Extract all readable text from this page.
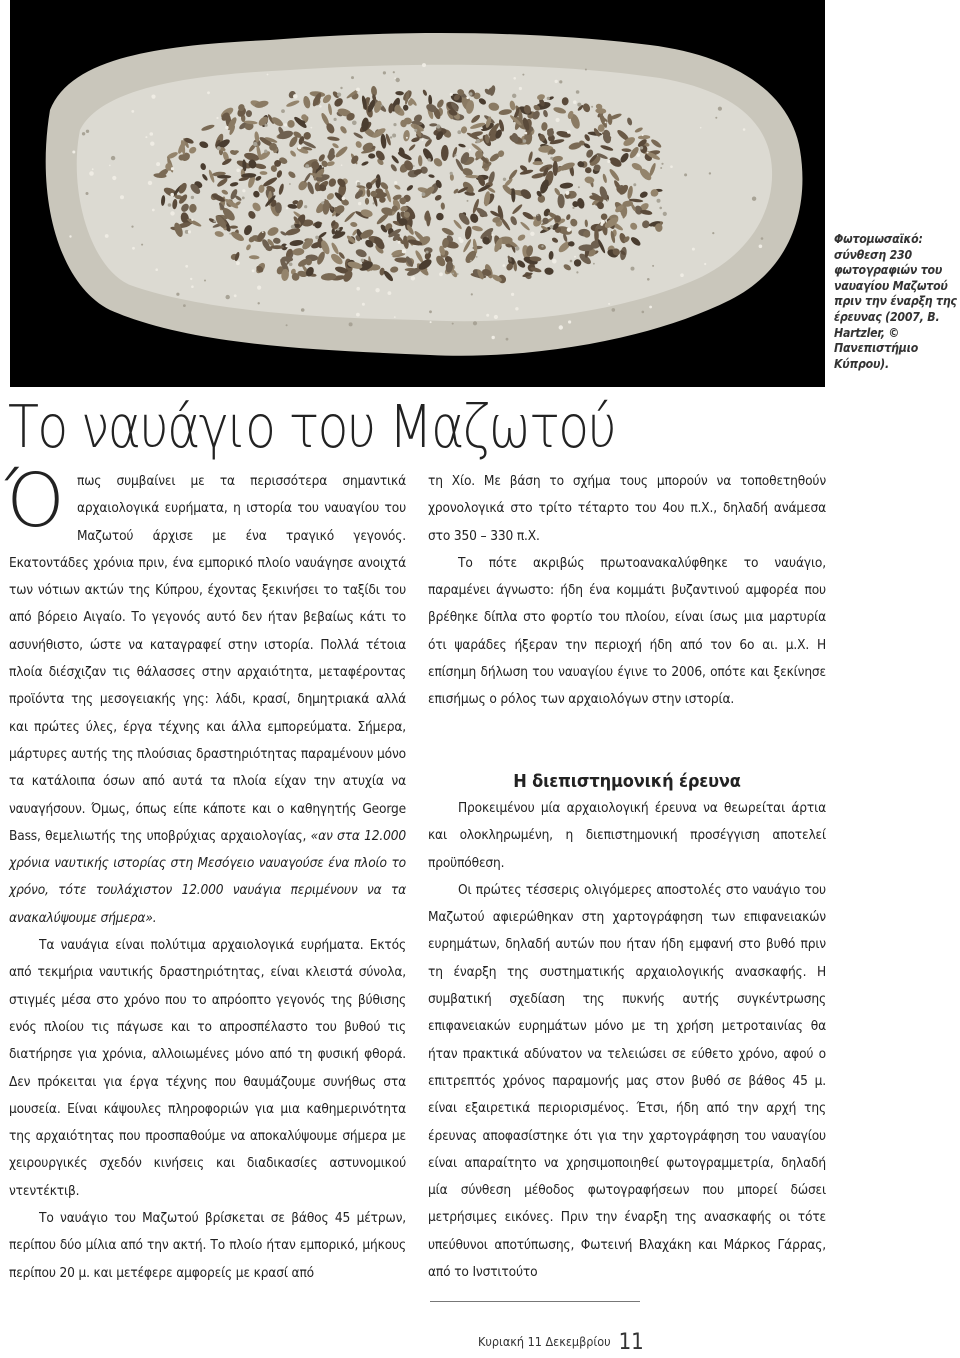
Φωτομωσαϊκό: σύνθεση 230 φωτογραφιών του ναυαγίου Μαζωτού πριν την έναρξη της έρευνας (2007, Β. Hartzler, © Πανεπιστήμιο Κύπρου).
Το ναυάγιο του Μαζωτού

Όπως συμβαίνει με τα περισσότερα σημαντικά αρχαιολογικά ευρήματα, η ιστορία του ναυαγίου του Μαζωτού άρχισε με ένα τραγικό γεγονός. Εκατοντάδες χρόνια πριν, ένα εμπορικό πλοίο ναυάγησε ανοιχτά των νότιων ακτών της Κύπρου, έχοντας ξεκινήσει το ταξίδι του από βόρειο Αιγαίο. Το γεγονός αυτό δεν ήταν βεβαίως κάτι το ασυνήθιστο, ώστε να καταγραφεί στην ιστορία. Πολλά τέτοια πλοία διέσχιζαν τις θάλασσες στην αρχαιότητα, μεταφέροντας προϊόντα της μεσογειακής γης: λάδι, κρασί, δημητριακά αλλά και πρώτες ύλες, έργα τέχνης και άλλα εμπορεύματα. Σήμερα, μάρτυρες αυτής της πλούσιας δραστηριότητας παραμένουν μόνο τα κατάλοιπα όσων από αυτά τα πλοία είχαν την ατυχία να ναυαγήσουν. Όμως, όπως είπε κάποτε και ο καθηγητής George Bass, θεμελιωτής της υποβρύχιας αρχαιολογίας, «αν στα 12.000 χρόνια ναυτικής ιστορίας στη Μεσόγειο ναυαγούσε ένα πλοίο το χρόνο, τότε τουλάχιστον 12.000 ναυάγια περιμένουν να τα ανακαλύψουμε σήμερα».

Τα ναυάγια είναι πολύτιμα αρχαιολογικά ευρήματα. Εκτός από τεκμήρια ναυτικής δραστηριότητας, είναι κλειστά σύνολα, στιγμές μέσα στο χρόνο που το απρόοπτο γεγονός της βύθισης ενός πλοίου τις πάγωσε και το απροσπέλαστο του βυθού τις διατήρησε για χρόνια, αλλοιωμένες μόνο από τη φυσική φθορά. Δεν πρόκειται για έργα τέχνης που θαυμάζουμε συνήθως στα μουσεία. Είναι κάψουλες πληροφοριών για μια καθημερινότητα της αρχαιότητας που προσπαθούμε να αποκαλύψουμε σήμερα με χειρουργικές σχεδόν κινήσεις και διαδικασίες αστυνομικού ντεντέκτιβ.

Το ναυάγιο του Μαζωτού βρίσκεται σε βάθος 45 μέτρων, περίπου δύο μίλια από την ακτή. Το πλοίο ήταν εμπορικό, μήκους περίπου 20 μ. και μετέφερε αμφορείς με κρασί από

τη Χίο. Με βάση το σχήμα τους μπορούν να τοποθετηθούν χρονολογικά στο τρίτο τέταρτο του 4ου π.Χ., δηλαδή ανάμεσα στο 350 – 330 π.Χ.

Το πότε ακριβώς πρωτοανακαλύφθηκε το ναυάγιο, παραμένει άγνωστο: ήδη ένα κομμάτι βυζαντινού αμφορέα που βρέθηκε δίπλα στο φορτίο του πλοίου, είναι ίσως μια μαρτυρία ότι ψαράδες ήξεραν την περιοχή ήδη από τον 6ο αι. μ.Χ. Η επίσημη δήλωση του ναυαγίου έγινε το 2006, οπότε και ξεκίνησε επισήμως ο ρόλος των αρχαιολόγων στην ιστορία.

Η διεπιστημονική έρευνα

Προκειμένου μία αρχαιολογική έρευνα να θεωρείται άρτια και ολοκληρωμένη, η διεπιστημονική προσέγγιση αποτελεί προϋπόθεση.

Οι πρώτες τέσσερις ολιγόμερες αποστολές στο ναυάγιο του Μαζωτού αφιερώθηκαν στη χαρτογράφηση των επιφανειακών ευρημάτων, δηλαδή αυτών που ήταν ήδη εμφανή στο βυθό πριν τη έναρξη της συστηματικής αρχαιολογικής ανασκαφής. Η συμβατική σχεδίαση της πυκνής αυτής συγκέντρωσης επιφανειακών ευρημάτων μόνο με τη χρήση μετροταινίας θα ήταν πρακτικά αδύνατον να τελειώσει σε εύθετο χρόνο, αφού ο επιτρεπτός χρόνος παραμονής μας στον βυθό σε βάθος 45 μ. είναι εξαιρετικά περιορισμένος. Έτσι, ήδη από την αρχή της έρευνας αποφασίστηκε ότι για την χαρτογράφηση του ναυαγίου είναι απαραίτητο να χρησιμοποιηθεί φωτογραμμετρία, δηλαδή μία σύνθεση μέθοδος φωτογραφήσεων που μπορεί δώσει μετρήσιμες εικόνες. Πριν την έναρξη της ανασκαφής οι τότε υπεύθυνοι αποτύπωσης, Φωτεινή Βλαχάκη και Μάρκος Γάρρας, από το Ινστιτούτο

Κυριακή 11 Δεκεμβρίου 11
